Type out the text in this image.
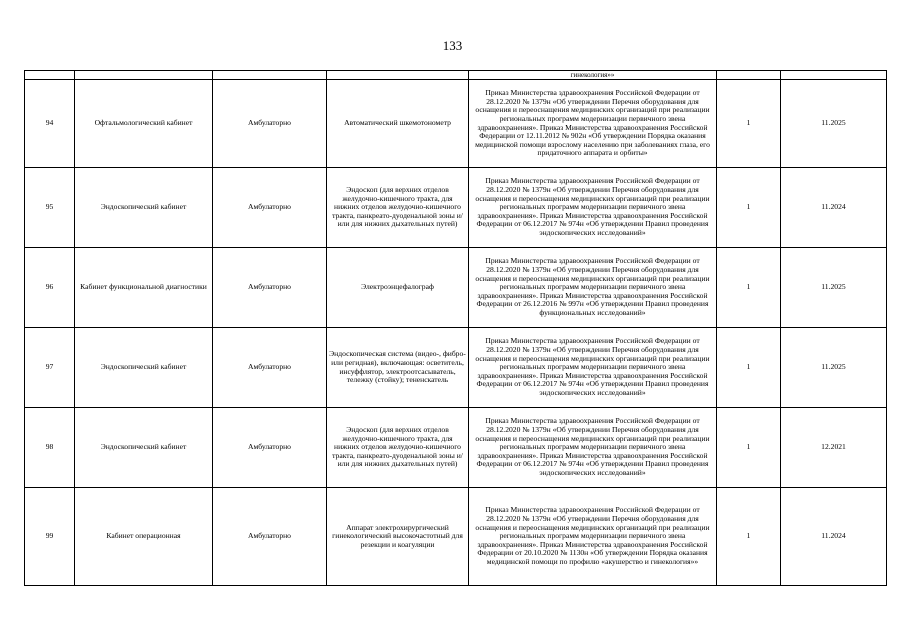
133
				гинекология»»		
94	Офтальмологический кабинет	Амбулаторно	Автоматический шкемотонометр	Приказ Министерства здравоохранения Российской Федерации от 28.12.2020 № 1379н «Об утверждении Перечня оборудования для оснащения и переоснащения медицинских организаций при реализации региональных программ модернизации первичного звена здравоохранения». Приказ Министерства здравоохранения Российской Федерации от 12.11.2012 № 902н «Об утверждении Порядка оказания медицинской помощи взрослому населению при заболеваниях глаза, его придаточного аппарата и орбиты»	1	11.2025
95	Эндоскопический кабинет	Амбулаторно	Эндоскоп (для верхних отделов желудочно-кишечного тракта, для нижних отделов желудочно-кишечного тракта, панкреато-дуоденальной зоны и/или для нижних дыхательных путей)	Приказ Министерства здравоохранения Российской Федерации от 28.12.2020 № 1379н «Об утверждении Перечня оборудования для оснащения и переоснащения медицинских организаций при реализации региональных программ модернизации первичного звена здравоохранения». Приказ Министерства здравоохранения Российской Федерации от 06.12.2017 № 974н «Об утверждении Правил проведения эндоскопических исследований»	1	11.2024
96	Кабинет функциональной диагностики	Амбулаторно	Электроэнцефалограф	Приказ Министерства здравоохранения Российской Федерации от 28.12.2020 № 1379н «Об утверждении Перечня оборудования для оснащения и переоснащения медицинских организаций при реализации региональных программ модернизации первичного звена здравоохранения». Приказ Министерства здравоохранения Российской Федерации от 26.12.2016 № 997н «Об утверждении Правил проведения функциональных исследований»	1	11.2025
97	Эндоскопический кабинет	Амбулаторно	Эндоскопическая система (видео-, фибро- или регидная), включающая: осветитель, инсуффлятор, электроотсасыватель, тележку (стойку); тененскатель	Приказ Министерства здравоохранения Российской Федерации от 28.12.2020 № 1379н «Об утверждении Перечня оборудования для оснащения и переоснащения медицинских организаций при реализации региональных программ модернизации первичного звена здравоохранения». Приказ Министерства здравоохранения Российской Федерации от 06.12.2017 № 974н «Об утверждении Правил проведения эндоскопических исследований»	1	11.2025
98	Эндоскопический кабинет	Амбулаторно	Эндоскоп (для верхних отделов желудочно-кишечного тракта, для нижних отделов желудочно-кишечного тракта, панкреато-дуоденальной зоны и/или для нижних дыхательных путей)	Приказ Министерства здравоохранения Российской Федерации от 28.12.2020 № 1379н «Об утверждении Перечня оборудования для оснащения и переоснащения медицинских организаций при реализации региональных программ модернизации первичного звена здравоохранения». Приказ Министерства здравоохранения Российской Федерации от 06.12.2017 № 974н «Об утверждении Правил проведения эндоскопических исследований»	1	12.2021
99	Кабинет операционная	Амбулаторно	Аппарат электрохирургический гинекологический высокочастотный для резекции и коагуляции	Приказ Министерства здравоохранения Российской Федерации от 28.12.2020 № 1379н «Об утверждении Перечня оборудования для оснащения и переоснащения медицинских организаций при реализации региональных программ модернизации первичного звена здравоохранения». Приказ Министерства здравоохранения Российской Федерации от 20.10.2020 № 1130н «Об утверждении Порядка оказания медицинской помощи по профилю «акушерство и гинекология»»	1	11.2024
